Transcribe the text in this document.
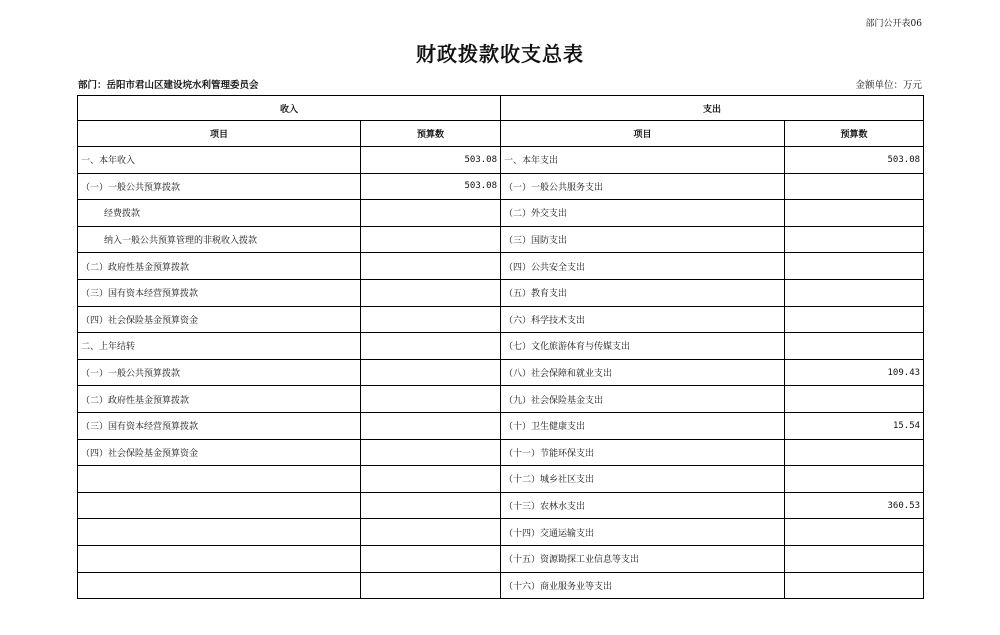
部门公开表06
财政拨款收支总表
部门：岳阳市君山区建设垸水利管理委员会	金额单位：万元
收入		支出	
项目	预算数	项目	预算数
一、本年收入	503.08	一、本年支出	503.08
（一）一般公共预算拨款	503.08	（一）一般公共服务支出	
经费拨款		（二）外交支出	
纳入一般公共预算管理的非税收入拨款		（三）国防支出	
（二）政府性基金预算拨款		（四）公共安全支出	
（三）国有资本经营预算拨款		（五）教育支出	
（四）社会保险基金预算资金		（六）科学技术支出	
二、上年结转		（七）文化旅游体育与传媒支出	
（一）一般公共预算拨款		（八）社会保障和就业支出	109.43
（二）政府性基金预算拨款		（九）社会保险基金支出	
（三）国有资本经营预算拨款		（十）卫生健康支出	15.54
（四）社会保险基金预算资金		（十一）节能环保支出	
		（十二）城乡社区支出	
		（十三）农林水支出	360.53
		（十四）交通运输支出	
		（十五）资源勘探工业信息等支出	
		（十六）商业服务业等支出	
